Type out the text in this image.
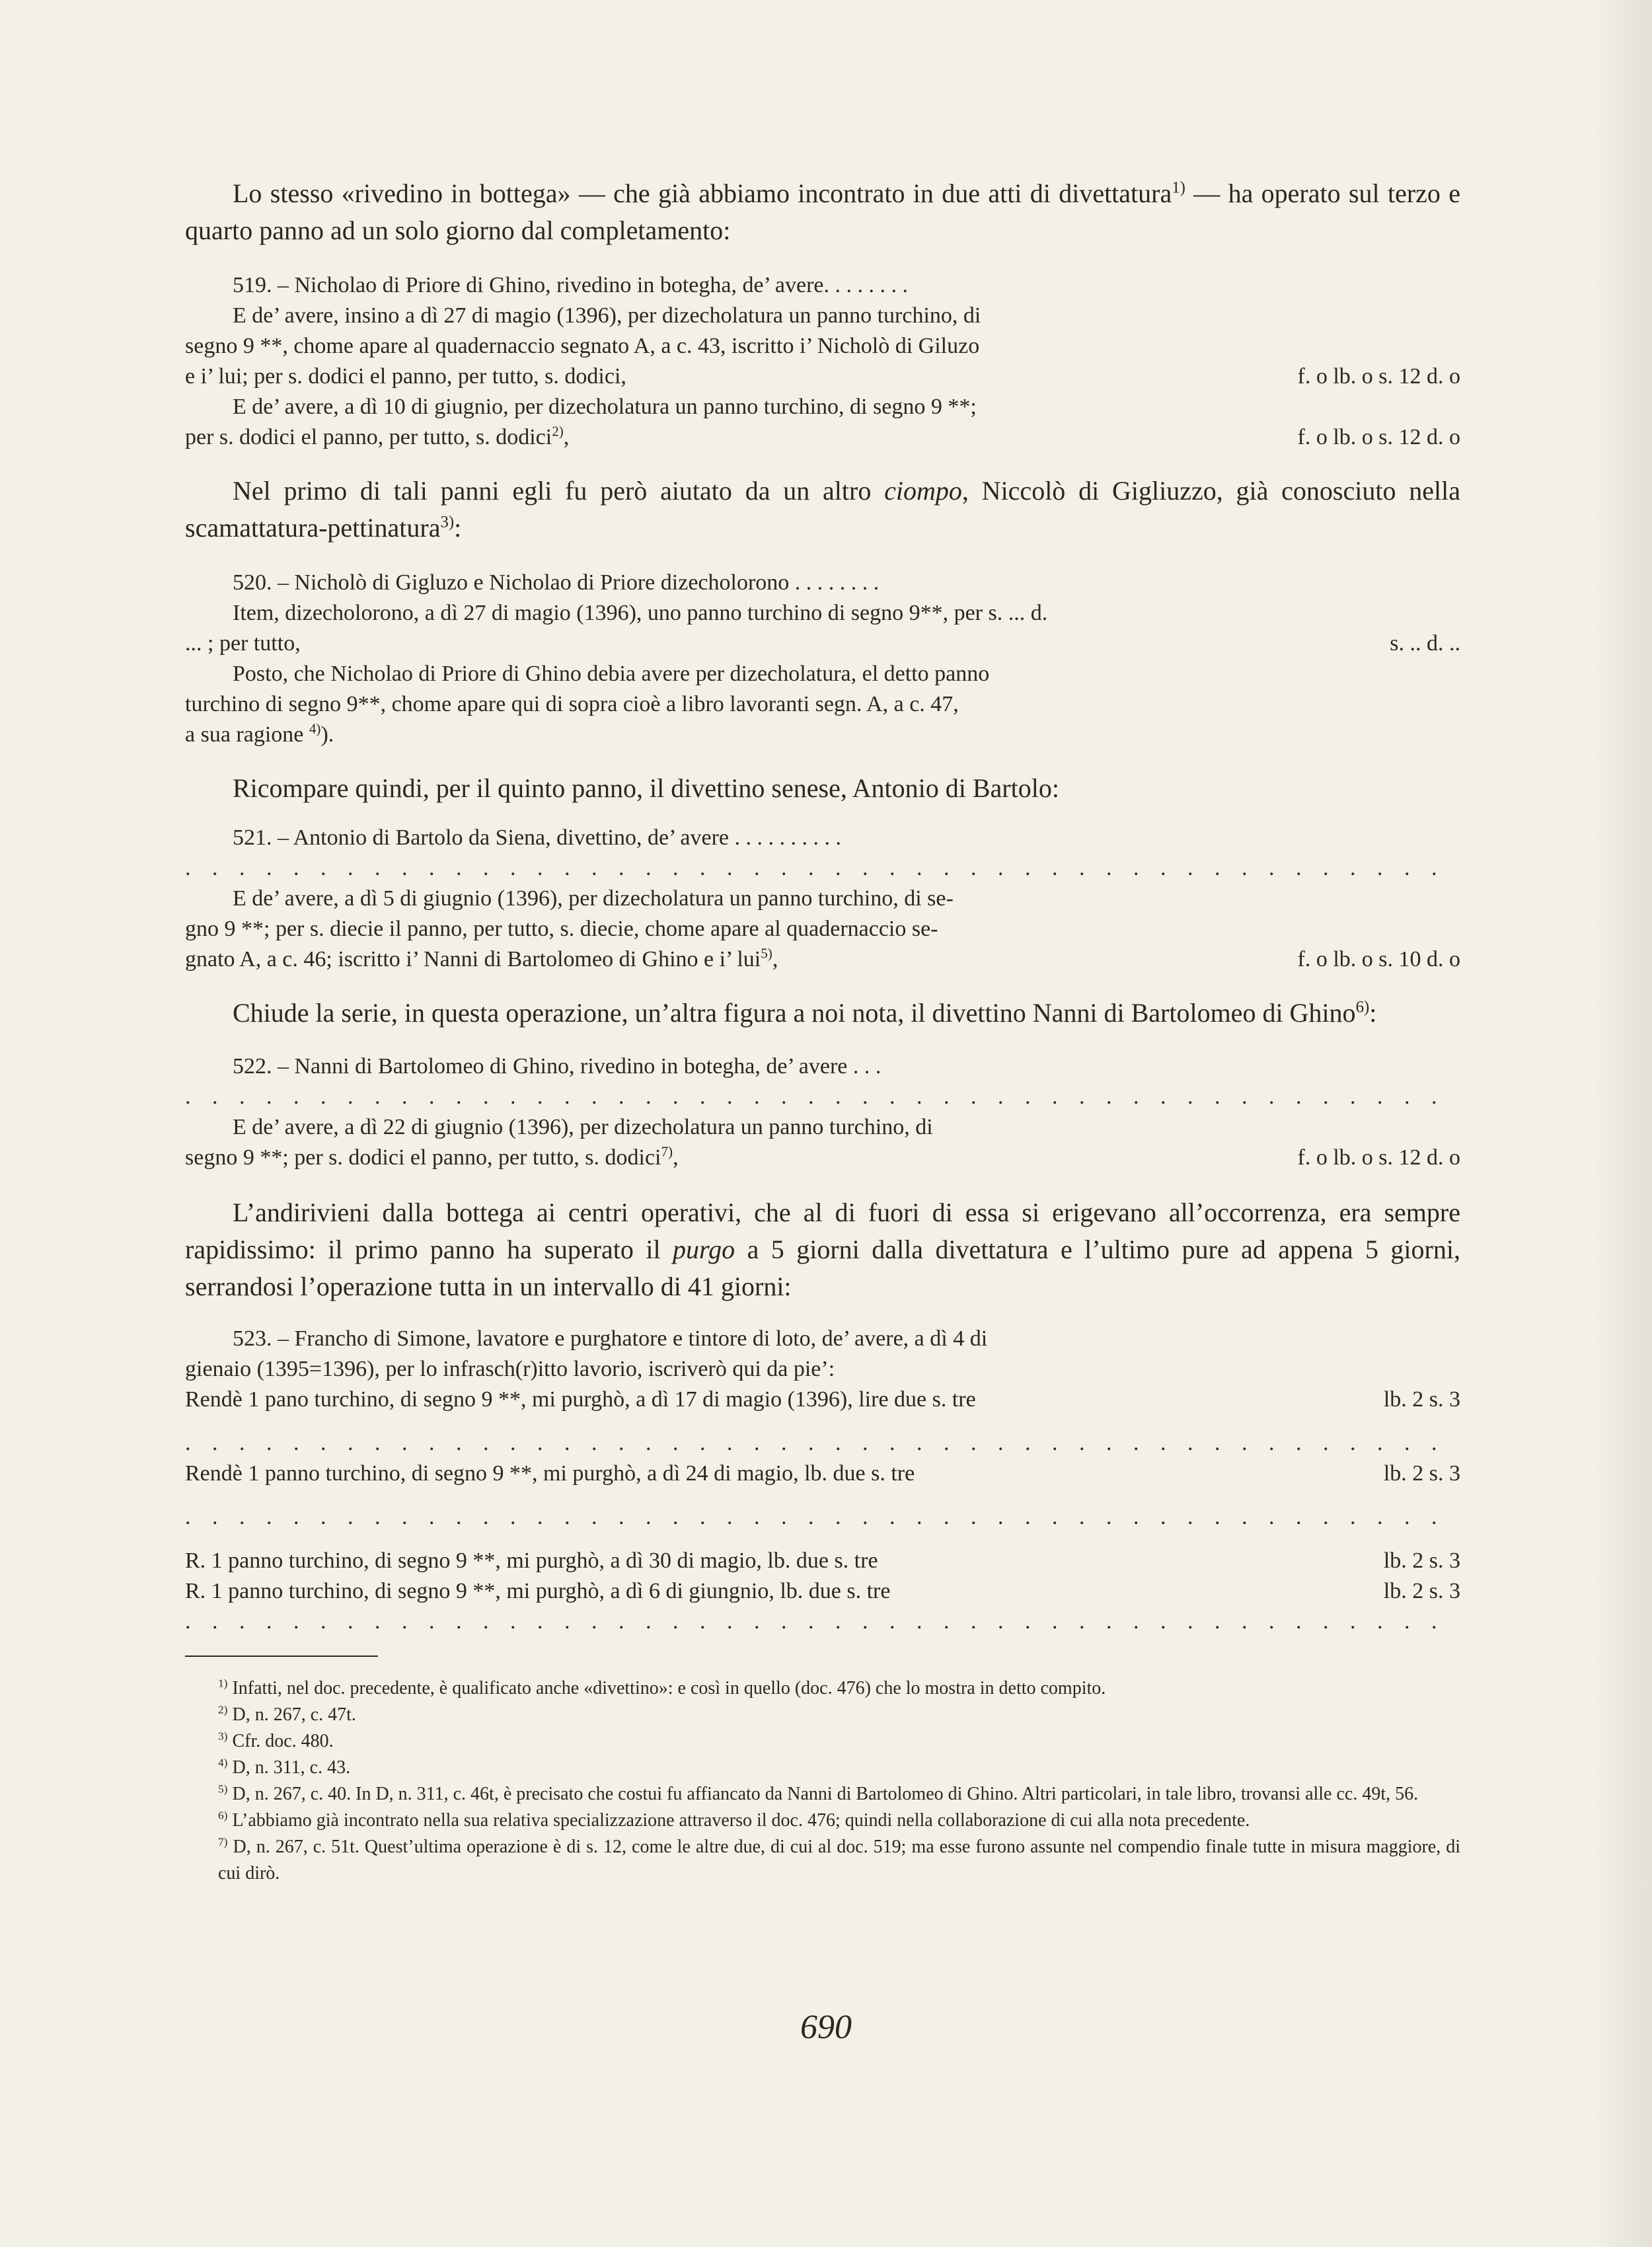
Lo stesso «rivedino in bottega» — che già abbiamo incontrato in due atti di divettatura$^{1)}$ — ha operato sul terzo e quarto panno ad un solo giorno dal completamento:

519. – Nicholao di Priore di Ghino, rivedino in botegha, de’ avere. . . . . . . .
E de’ avere, insino a dì 27 di magio (1396), per dizecholatura un panno turchino, di
segno 9 **, chome apare al quadernaccio segnato A, a c. 43, iscritto i’ Nicholò di Giluzo
e i’ lui; per s. dodici el panno, per tutto, s. dodici,	f. o lb. o s. 12 d. o
E de’ avere, a dì 10 di giugnio, per dizecholatura un panno turchino, di segno 9 **;
per s. dodici el panno, per tutto, s. dodici$^{2)}$,	f. o lb. o s. 12 d. o

Nel primo di tali panni egli fu però aiutato da un altro ciompo, Niccolò di Gigliuzzo, già conosciuto nella scamattatura-pettinatura$^{3)}$:

520. – Nicholò di Gigluzo e Nicholao di Priore dizecholorono . . . . . . . .
Item, dizecholorono, a dì 27 di magio (1396), uno panno turchino di segno 9**, per s. ... d.
... ; per tutto,	s. .. d. ..
Posto, che Nicholao di Priore di Ghino debia avere per dizecholatura, el detto panno
turchino di segno 9**, chome apare qui di sopra cioè a libro lavoranti segn. A, a c. 47,
a sua ragione $^{4)}$).

Ricompare quindi, per il quinto panno, il divettino senese, Antonio di Bartolo:

521. – Antonio di Bartolo da Siena, divettino, de’ avere . . . . . . . . . .
. . . . . . . . . . . . . . . . . . . . . . . . . . . . . . . . . . . . . . . . . . . . . . .
E de’ avere, a dì 5 di giugnio (1396), per dizecholatura un panno turchino, di se-
gno 9 **; per s. diecie il panno, per tutto, s. diecie, chome apare al quadernaccio se-
gnato A, a c. 46; iscritto i’ Nanni di Bartolomeo di Ghino e i’ lui$^{5)}$,	f. o lb. o s. 10 d. o

Chiude la serie, in questa operazione, un’altra figura a noi nota, il divettino Nanni di Bartolomeo di Ghino$^{6)}$:

522. – Nanni di Bartolomeo di Ghino, rivedino in botegha, de’ avere . . .
. . . . . . . . . . . . . . . . . . . . . . . . . . . . . . . . . . . . . . . . . . . . . . .
E de’ avere, a dì 22 di giugnio (1396), per dizecholatura un panno turchino, di
segno 9 **; per s. dodici el panno, per tutto, s. dodici$^{7)}$,	f. o lb. o s. 12 d. o

L’andirivieni dalla bottega ai centri operativi, che al di fuori di essa si erigevano all’occorrenza, era sempre rapidissimo: il primo panno ha superato il purgo a 5 giorni dalla divettatura e l’ultimo pure ad appena 5 giorni, serrandosi l’operazione tutta in un intervallo di 41 giorni:

523. – Francho di Simone, lavatore e purghatore e tintore di loto, de’ avere, a dì 4 di
gienaio (1395=1396), per lo infrasch(r)itto lavorio, iscriverò qui da pie’:
Rendè 1 pano turchino, di segno 9 **, mi purghò, a dì 17 di magio (1396), lire due s. tre	lb. 2 s. 3
. . . . . . . . . . . . . . . . . . . . . . . . . . . . . . . . . . . . . . . . . . . . . . .
Rendè 1 panno turchino, di segno 9 **, mi purghò, a dì 24 di magio, lb. due s. tre	lb. 2 s. 3
. . . . . . . . . . . . . . . . . . . . . . . . . . . . . . . . . . . . . . . . . . . . . . .
R. 1 panno turchino, di segno 9 **, mi purghò, a dì 30 di magio, lb. due s. tre	lb. 2 s. 3
R. 1 panno turchino, di segno 9 **, mi purghò, a dì 6 di giungnio, lb. due s. tre	lb. 2 s. 3
. . . . . . . . . . . . . . . . . . . . . . . . . . . . . . . . . . . . . . . . . . . . . . .

$^{1)}$ Infatti, nel doc. precedente, è qualificato anche «divettino»: e così in quello (doc. 476) che lo mostra in detto compito.

$^{2)}$ D, n. 267, c. 47t.

$^{3)}$ Cfr. doc. 480.

$^{4)}$ D, n. 311, c. 43.

$^{5)}$ D, n. 267, c. 40. In D, n. 311, c. 46t, è precisato che costui fu affiancato da Nanni di Bartolomeo di Ghino. Altri particolari, in tale libro, trovansi alle cc. 49t, 56.

$^{6)}$ L’abbiamo già incontrato nella sua relativa specializzazione attraverso il doc. 476; quindi nella collaborazione di cui alla nota precedente.

$^{7)}$ D, n. 267, c. 51t. Quest’ultima operazione è di s. 12, come le altre due, di cui al doc. 519; ma esse furono assunte nel compendio finale tutte in misura maggiore, di cui dirò.

690
